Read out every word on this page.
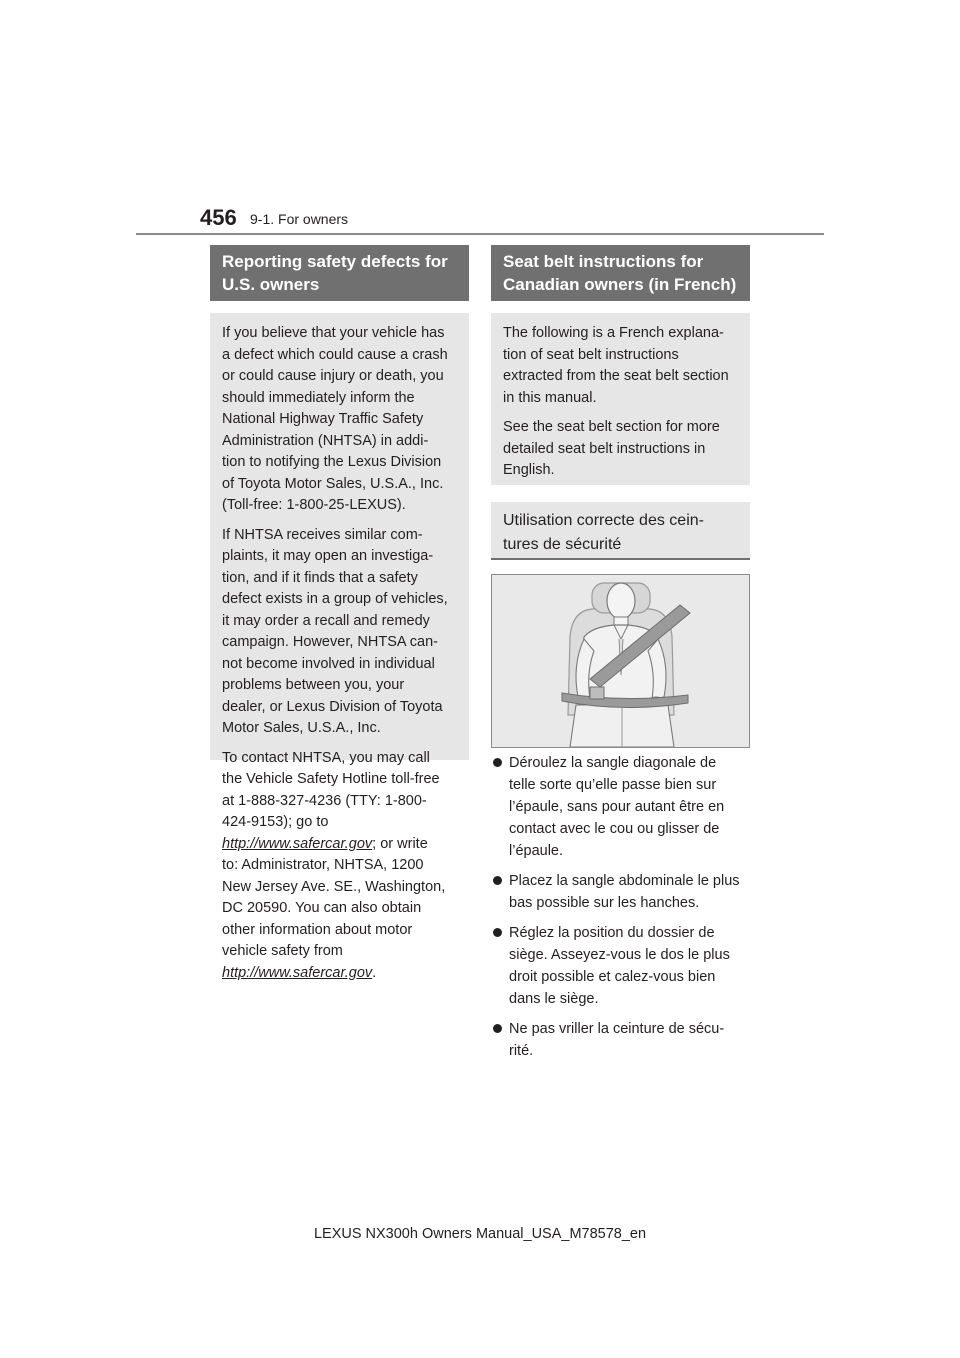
456 9-1. For owners
Reporting safety defects for
U.S. owners

If you believe that your vehicle has
a defect which could cause a crash
or could cause injury or death, you
should immediately inform the
National Highway Traffic Safety
Administration (NHTSA) in addi-
tion to notifying the Lexus Division
of Toyota Motor Sales, U.S.A., Inc.
(Toll-free: 1-800-25-LEXUS).

If NHTSA receives similar com-
plaints, it may open an investiga-
tion, and if it finds that a safety
defect exists in a group of vehicles,
it may order a recall and remedy
campaign. However, NHTSA can-
not become involved in individual
problems between you, your
dealer, or Lexus Division of Toyota
Motor Sales, U.S.A., Inc.

To contact NHTSA, you may call
the Vehicle Safety Hotline toll-free
at 1-888-327-4236 (TTY: 1-800-
424-9153); go to
http://www.safercar.gov; or write
to: Administrator, NHTSA, 1200
New Jersey Ave. SE., Washington,
DC 20590. You can also obtain
other information about motor
vehicle safety from
http://www.safercar.gov.

Seat belt instructions for
Canadian owners (in French)

The following is a French explana-
tion of seat belt instructions
extracted from the seat belt section
in this manual.

See the seat belt section for more
detailed seat belt instructions in
English.

Utilisation correcte des cein-
tures de sécurité
Déroulez la sangle diagonale de
telle sorte qu’elle passe bien sur
l’épaule, sans pour autant être en
contact avec le cou ou glisser de
l’épaule.
Placez la sangle abdominale le plus
bas possible sur les hanches.
Réglez la position du dossier de
siège. Asseyez-vous le dos le plus
droit possible et calez-vous bien
dans le siège.
Ne pas vriller la ceinture de sécu-
rité.
LEXUS NX300h Owners Manual_USA_M78578_en
